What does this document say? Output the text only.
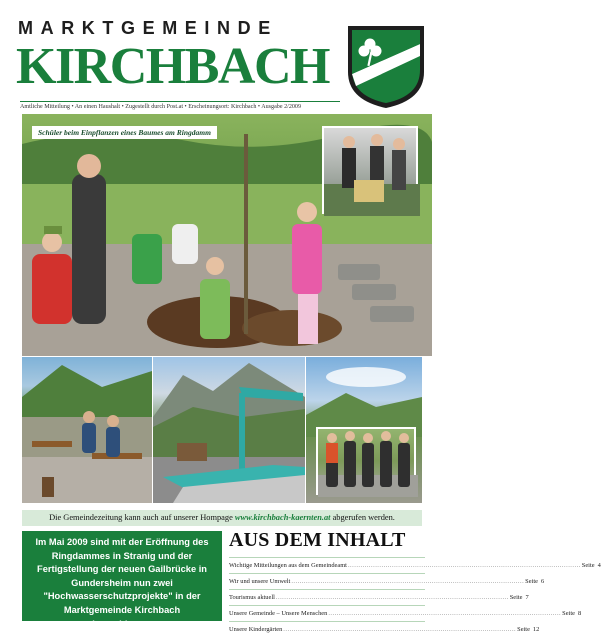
MARKTGEMEINDE
KIRCHBACH
Amtliche Mitteilung • An einen Haushalt • Zugestellt durch Post.at • Erscheinungsort: Kirchbach • Ausgabe 2/2009
Schüler beim Einpflanzen eines Baumes am Ringdamm
Die Gemeindezeitung kann auch auf unserer Hompage www.kirchbach-kaernten.at abgerufen werden.
Im Mai 2009 sind mit der Eröffnung des Ringdammes in Stranig und der Fertigstellung der neuen Gailbrücke in Gundersheim nun zwei "Hochwasserschutzprojekte" in der Marktgemeinde Kirchbach abgeschlossen.
AUS DEM INHALT
Wichtige Mitteilungen aus dem Gemeindeamt .....	Seite 4
Wir und unsere Umwelt .....	Seite 6
Tourismus aktuell .....	Seite 7
Unsere Gemeinde – Unsere Menschen .....	Seite 8
Unsere Kindergärten .....	Seite 12
